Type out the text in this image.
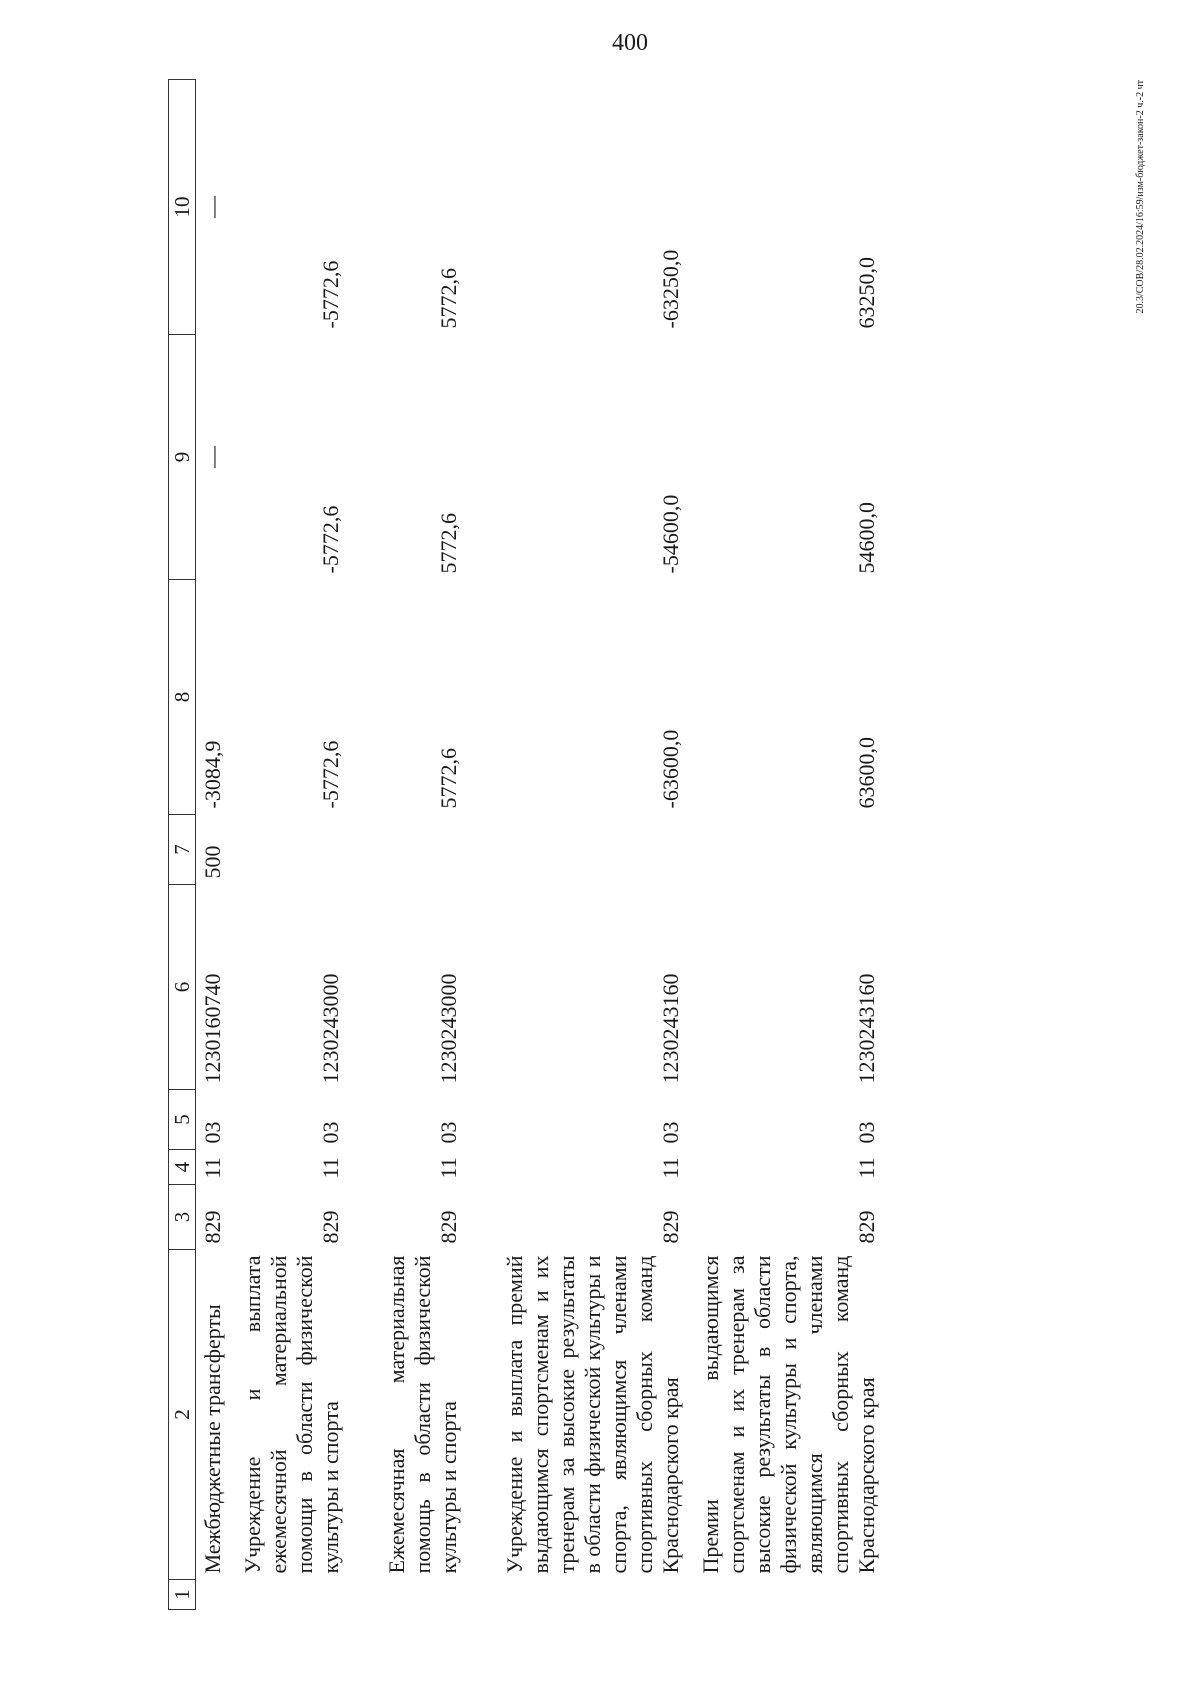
400
20.3/СОВ/28.02.2024/16:59/изм-бюджет-закон-2 ч.-2 чт
1	2	3	4	5	6	7	8	9	10
	Межбюджетные трансферты	829	11	03	1230160740	500	-3084,9	—	—
	Учреждение и выплата ежемесячной материальной помощи в области физической культуры и спорта	829	11	03	1230243000		-5772,6	-5772,6	-5772,6
	Ежемесячная материальная помощь в области физической культуры и спорта	829	11	03	1230243000		5772,6	5772,6	5772,6
	Учреждение и выплата премий выдающимся спортсменам и их тренерам за высокие результаты в области физической культуры и спорта, являющимся членами спортивных сборных команд Краснодарского края	829	11	03	1230243160		-63600,0	-54600,0	-63250,0
	Премии выдающимся спортсменам и их тренерам за высокие результаты в области физической культуры и спорта, являющимся членами спортивных сборных команд Краснодарского края	829	11	03	1230243160		63600,0	54600,0	63250,0
